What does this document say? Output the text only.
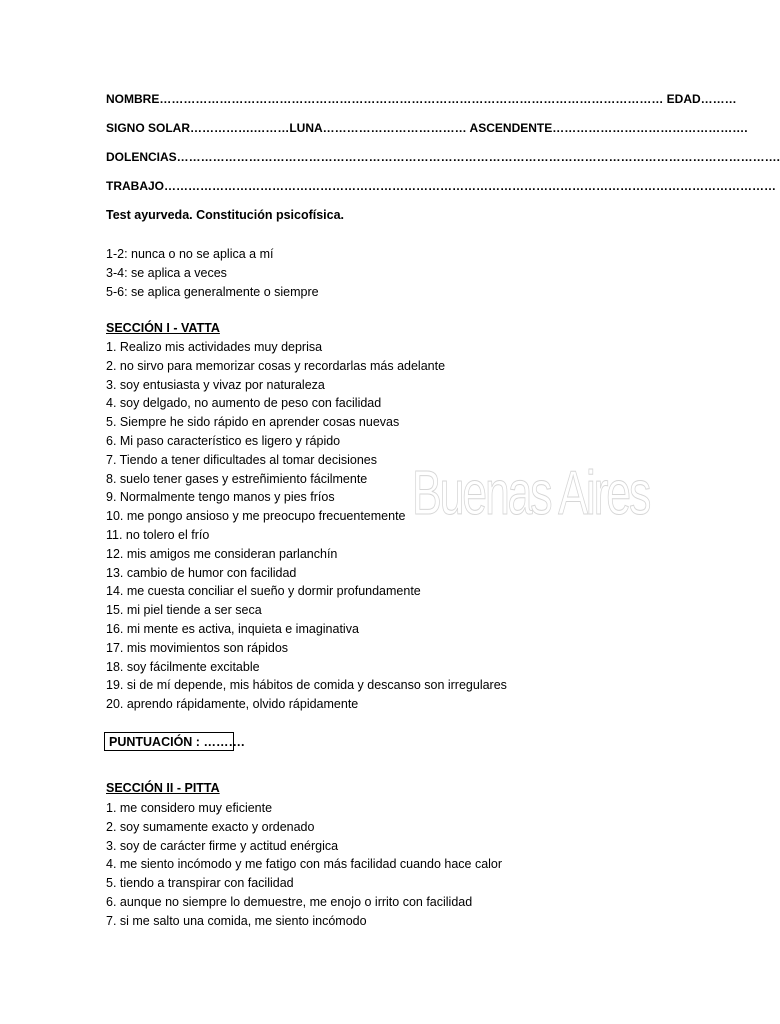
NOMBRE……………………………………………………………………………………………………………… EDAD………
SIGNO SOLAR…………….………LUNA……………………………… ASCENDENTE………………………………………….
DOLENCIAS…………………………………………………………………………………………………………………………………….
TRABAJO………………………………………………………………………………………………………………………………………
Test ayurveda. Constitución psicofísica.
1-2: nunca o no se aplica a mí
3-4: se aplica a veces
5-6: se aplica generalmente o siempre
SECCIÓN I - VATTA
1. Realizo mis actividades muy deprisa
2. no sirvo para memorizar cosas y recordarlas más adelante
3. soy entusiasta y vivaz por naturaleza
4. soy delgado, no aumento de peso con facilidad
5. Siempre he sido rápido en aprender cosas nuevas
6. Mi paso característico es ligero y rápido
7. Tiendo a tener dificultades al tomar decisiones
8. suelo tener gases y estreñimiento fácilmente
9. Normalmente tengo manos y pies fríos
10. me pongo ansioso y me preocupo frecuentemente
11. no tolero el frío
12. mis amigos me consideran parlanchín
13. cambio de humor con facilidad
14. me cuesta conciliar el sueño y dormir profundamente
15. mi piel tiende a ser seca
16. mi mente es activa, inquieta e imaginativa
17. mis movimientos son rápidos
18. soy fácilmente excitable
19. si de mí depende, mis hábitos de comida y descanso son irregulares
20. aprendo rápidamente, olvido rápidamente
PUNTUACIÓN : ……….
SECCIÓN II - PITTA
1. me considero muy eficiente
2. soy sumamente exacto y ordenado
3. soy de carácter firme y actitud enérgica
4. me siento incómodo y me fatigo con más facilidad cuando hace calor
5. tiendo a transpirar con facilidad
6. aunque no siempre lo demuestre, me enojo o irrito con facilidad
7. si me salto una comida, me siento incómodo
Buenas Aires
